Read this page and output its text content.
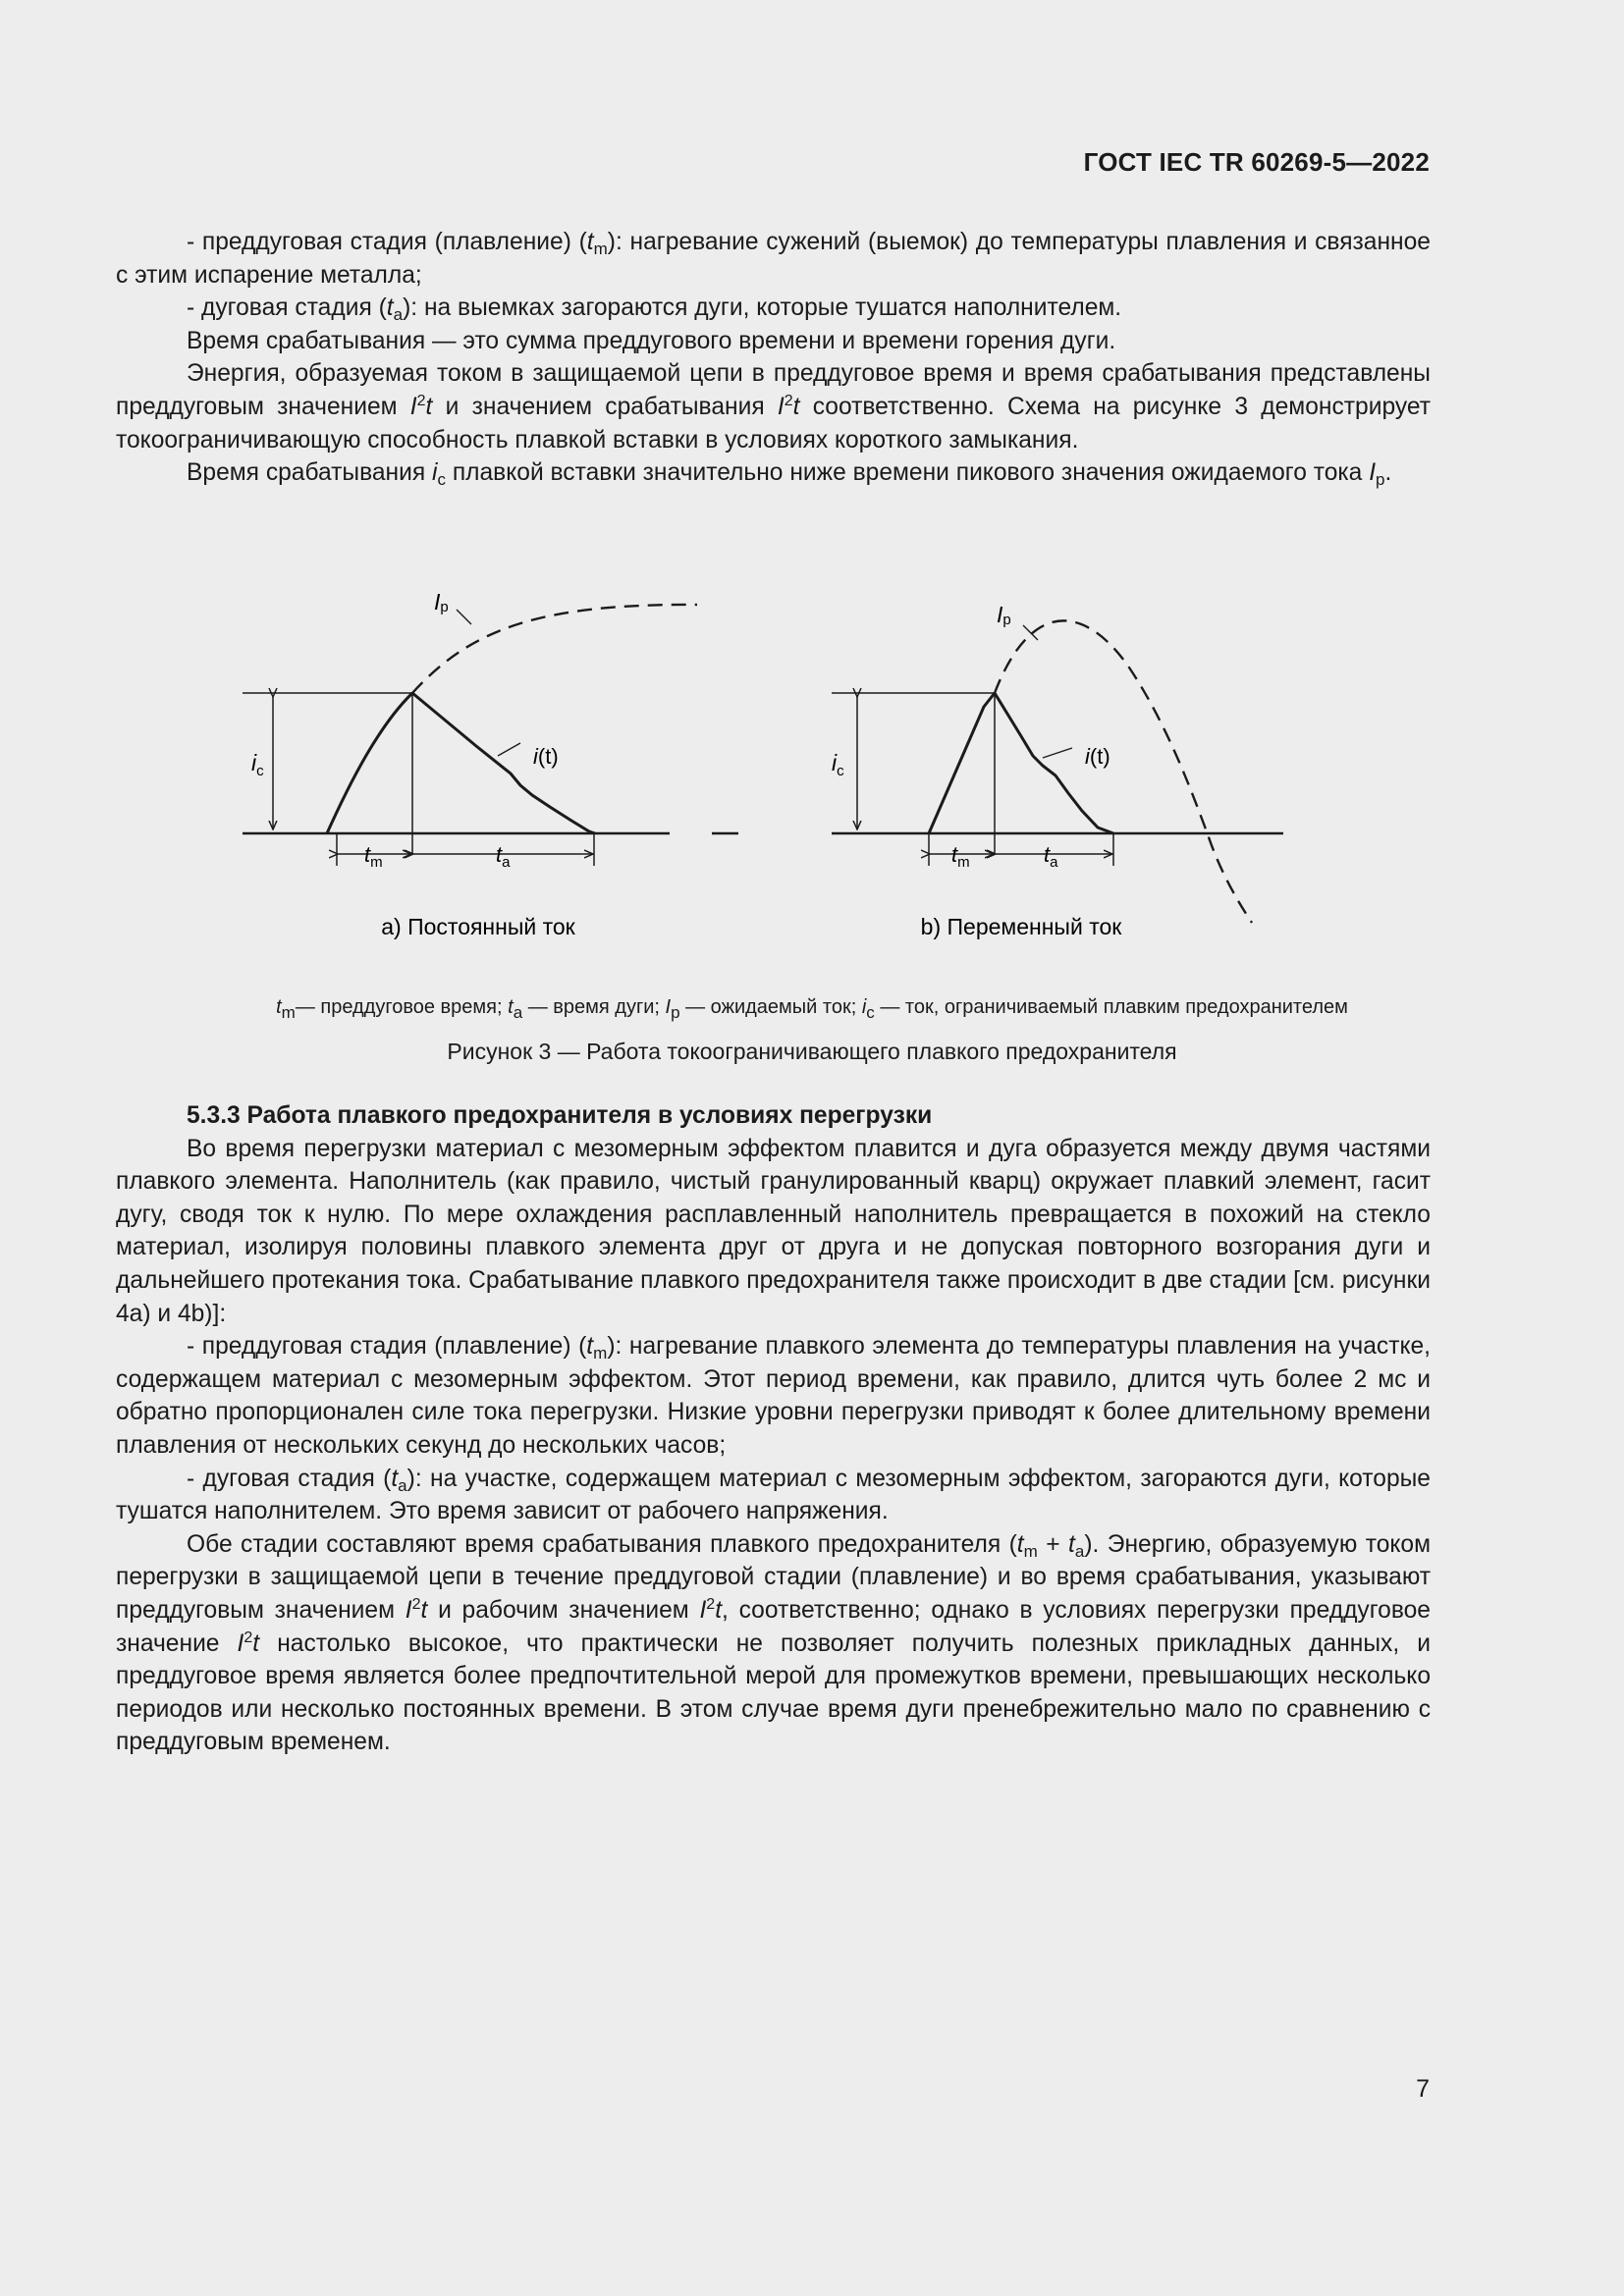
ГОСТ IEC TR 60269-5—2022

- преддуговая стадия (плавление) $(t_m)$: нагревание сужений (выемок) до температуры плавления и связанное с этим испарение металла;

- дуговая стадия $(t_a)$: на выемках загораются дуги, которые тушатся наполнителем.

Время срабатывания — это сумма преддугового времени и времени горения дуги.

Энергия, образуемая током в защищаемой цепи в преддуговое время и время срабатывания представлены преддуговым значением $I^2t$ и значением срабатывания $I^2t$ соответственно. Схема на рисунке 3 демонстрирует токоограничивающую способность плавкой вставки в условиях короткого замыкания.

Время срабатывания $i_c$ плавкой вставки значительно ниже времени пикового значения ожидаемого тока $I_p$.

Ip
i(t)
$i_c$
$t_m$	$t_a$
Ip
i(t)
$i_c$
$t_m$	$t_a$
a) Постоянный ток	b) Переменный ток
$t_m—$ преддуговое время; $t_a$ — время дуги; $I_p$ — ожидаемый ток; $i_c$ — ток, ограничиваемый плавким предохранителем
Рисунок 3 — Работа токоограничивающего плавкого предохранителя

5.3.3 Работа плавкого предохранителя в условиях перегрузки

Во время перегрузки материал с мезомерным эффектом плавится и дуга образуется между двумя частями плавкого элемента. Наполнитель (как правило, чистый гранулированный кварц) окружает плавкий элемент, гасит дугу, сводя ток к нулю. По мере охлаждения расплавленный наполнитель превращается в похожий на стекло материал, изолируя половины плавкого элемента друг от друга и не допуская повторного возгорания дуги и дальнейшего протекания тока. Срабатывание плавкого предохранителя также происходит в две стадии [см. рисунки 4a) и 4b)]:

- преддуговая стадия (плавление) $(t_m)$: нагревание плавкого элемента до температуры плавления на участке, содержащем материал с мезомерным эффектом. Этот период времени, как правило, длится чуть более 2 мс и обратно пропорционален силе тока перегрузки. Низкие уровни перегрузки приводят к более длительному времени плавления от нескольких секунд до нескольких часов;

- дуговая стадия $(t_a)$: на участке, содержащем материал с мезомерным эффектом, загораются дуги, которые тушатся наполнителем. Это время зависит от рабочего напряжения.

Обе стадии составляют время срабатывания плавкого предохранителя $(t_m + t_a)$. Энергию, образуемую током перегрузки в защищаемой цепи в течение преддуговой стадии (плавление) и во время срабатывания, указывают преддуговым значением $I^2t$ и рабочим значением $I^2t$, соответственно; однако в условиях перегрузки преддуговое значение $I^2t$ настолько высокое, что практически не позволяет получить полезных прикладных данных, и преддуговое время является более предпочтительной мерой для промежутков времени, превышающих несколько периодов или несколько постоянных времени. В этом случае время дуги пренебрежительно мало по сравнению с преддуговым временем.

7
